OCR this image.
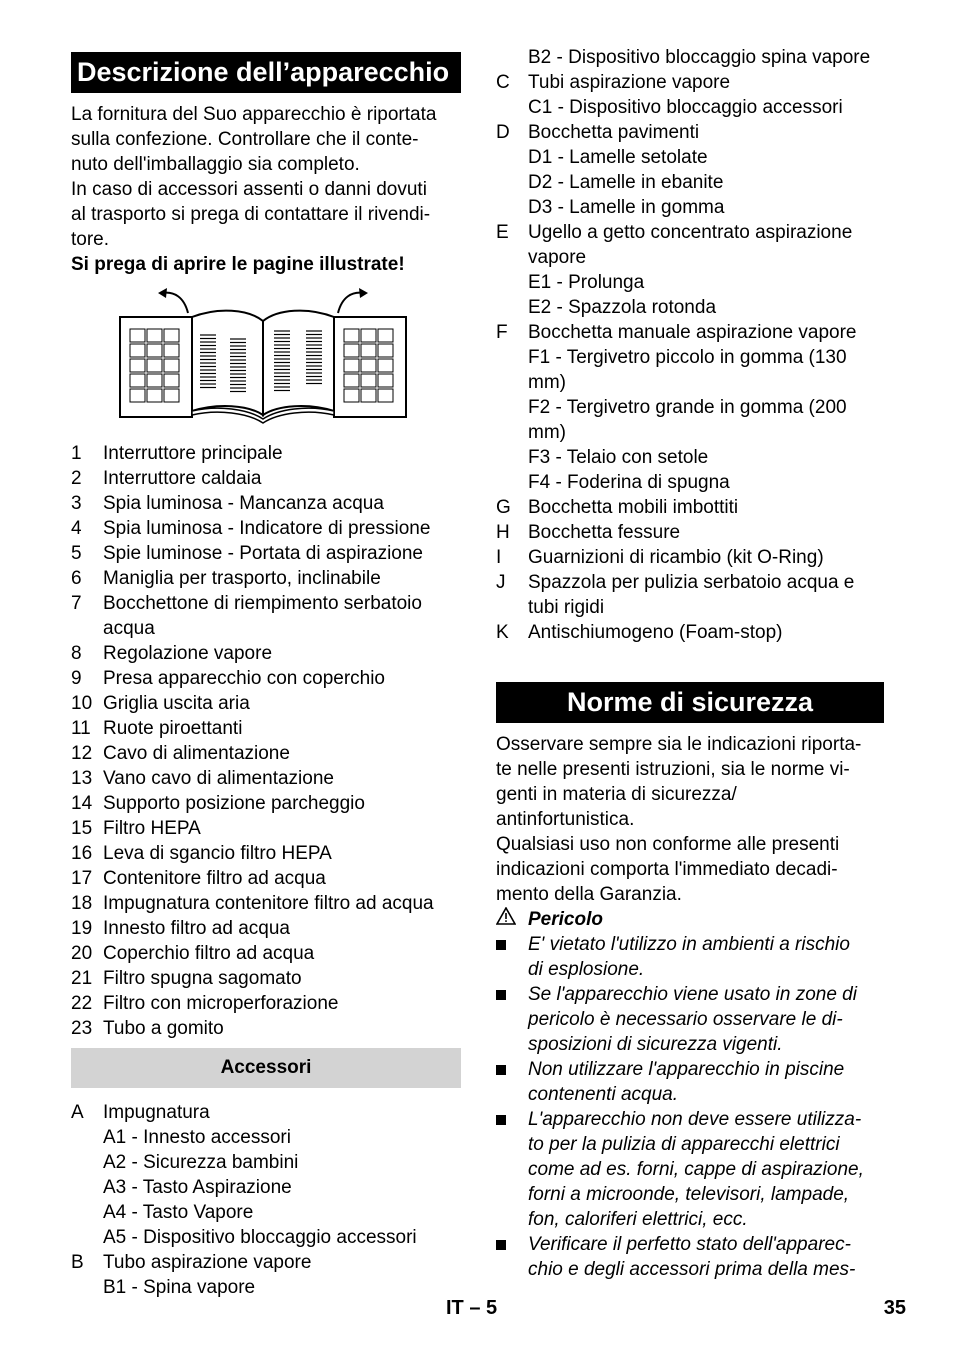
Descrizione dell’apparecchio
La fornitura del Suo apparecchio è riportata
sulla confezione. Controllare che il conte-
nuto dell'imballaggio sia completo.
In caso di accessori assenti o danni dovuti
al trasporto si prega di contattare il rivendi-
tore.
Si prega di aprire le pagine illustrate!
1	Interruttore principale
2	Interruttore caldaia
3	Spia luminosa - Mancanza acqua
4	Spia luminosa - Indicatore di pressione
5	Spie luminose - Portata di aspirazione
6	Maniglia per trasporto, inclinabile
7	Bocchettone di riempimento serbatoio acqua
8	Regolazione vapore
9	Presa apparecchio con coperchio
10 Griglia uscita aria
11 Ruote piroettanti
12 Cavo di alimentazione
13 Vano cavo di alimentazione
14 Supporto posizione parcheggio
15 Filtro HEPA
16 Leva di sgancio filtro HEPA
17 Contenitore filtro ad acqua
18 Impugnatura contenitore filtro ad acqua
19 Innesto filtro ad acqua
20 Coperchio filtro ad acqua
21 Filtro spugna sagomato
22 Filtro con microperforazione
23 Tubo a gomito
Accessori
A	Impugnatura
A1 - Innesto accessori
A2 - Sicurezza bambini
A3 - Tasto Aspirazione
A4 - Tasto Vapore
A5 - Dispositivo bloccaggio accessori
B	Tubo aspirazione vapore
B1 - Spina vapore
B2 - Dispositivo bloccaggio spina vapore
C Tubi aspirazione vapore
C1 - Dispositivo bloccaggio accessori
D Bocchetta pavimenti
D1 - Lamelle setolate
D2 - Lamelle in ebanite
D3 - Lamelle in gomma
E	Ugello a getto concentrato aspirazione vapore
E1 - Prolunga
E2 - Spazzola rotonda
F	Bocchetta manuale aspirazione vapore
F1 - Tergivetro piccolo in gomma (130 mm)
F2 - Tergivetro grande in gomma (200 mm)
F3 - Telaio con setole
F4 - Foderina di spugna
G Bocchetta mobili imbottiti
H Bocchetta fessure
I	Guarnizioni di ricambio (kit O-Ring)
J	Spazzola per pulizia serbatoio acqua e tubi rigidi
K	Antischiumogeno (Foam-stop)
Norme di sicurezza
Osservare sempre sia le indicazioni riporta-
te nelle presenti istruzioni, sia le norme vi-
genti in materia di sicurezza/
antinfortunistica.
Qualsiasi uso non conforme alle presenti
indicazioni comporta l'immediato decadi-
mento della Garanzia.
Pericolo
E' vietato l'utilizzo in ambienti a rischio
di esplosione.
Se l'apparecchio viene usato in zone di
pericolo è necessario osservare le di-
sposizioni di sicurezza vigenti.
Non utilizzare l'apparecchio in piscine
contenenti acqua.
L'apparecchio non deve essere utilizza-
to per la pulizia di apparecchi elettrici
come ad es. forni, cappe di aspirazione,
forni a microonde, televisori, lampade,
fon, caloriferi elettrici, ecc.
Verificare il perfetto stato dell'apparec-
chio e degli accessori prima della mes-
IT – 5	35
